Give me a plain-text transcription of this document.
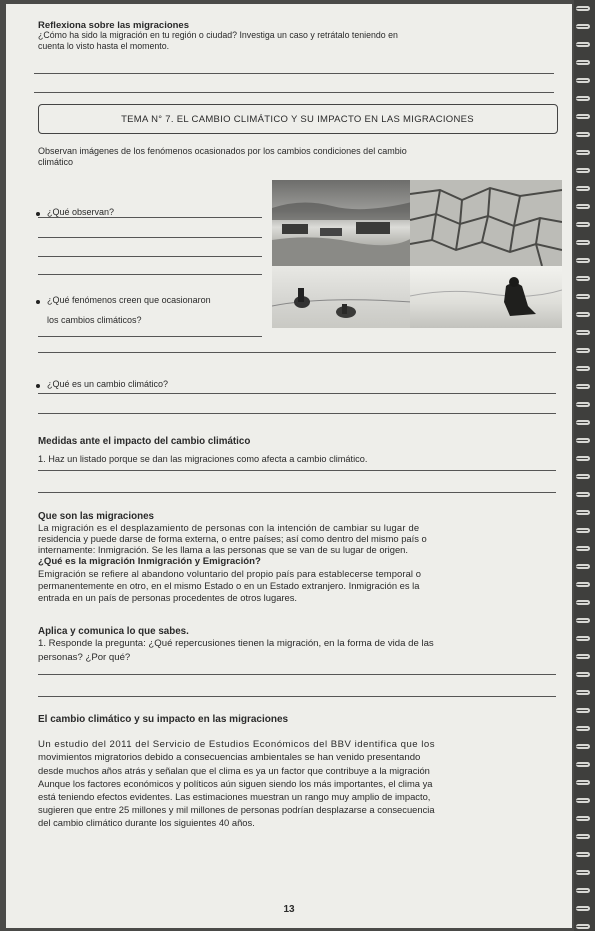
Reflexiona sobre las migraciones
¿Cómo ha sido la migración en tu región o ciudad? Investiga un caso y retrátalo teniendo en
cuenta lo visto hasta el momento.
TEMA N° 7. EL CAMBIO CLIMÁTICO Y SU IMPACTO EN LAS MIGRACIONES
Observan imágenes de los fenómenos ocasionados por los cambios condiciones del cambio
climático
¿Qué observan?
¿Qué fenómenos creen que ocasionaron
los cambios climáticos?
¿Qué es un cambio climático?
Medidas ante el impacto del cambio climático
1. Haz un listado porque se dan las migraciones como afecta a cambio climático.
Que son las migraciones
La migración es el desplazamiento de personas con la intención de cambiar su lugar de
residencia y puede darse de forma externa, o entre países; así como dentro del mismo país o
internamente: Inmigración. Se les llama a las personas que se van de su lugar de origen.
¿Qué es la migración Inmigración y Emigración?
Emigración se refiere al abandono voluntario del propio país para establecerse temporal o
permanentemente en otro, en el mismo Estado o en un Estado extranjero. Inmigración es la
entrada en un país de personas procedentes de otros lugares.
Aplica y comunica lo que sabes.
1. Responde la pregunta: ¿Qué repercusiones tienen la migración, en la forma de vida de las
personas? ¿Por qué?
El cambio climático y su impacto en las migraciones
Un estudio del 2011 del Servicio de Estudios Económicos del BBV identifica que los
movimientos migratorios debido a consecuencias ambientales se han venido presentando
desde muchos años atrás y señalan que el clima es ya un factor que contribuye a la migración
Aunque los factores económicos y políticos aún siguen siendo los más importantes, el clima ya
está teniendo efectos evidentes. Las estimaciones muestran un rango muy amplio de impacto,
sugieren que entre 25 millones y mil millones de personas podrían desplazarse a consecuencia
del cambio climático durante los siguientes 40 años.
13
